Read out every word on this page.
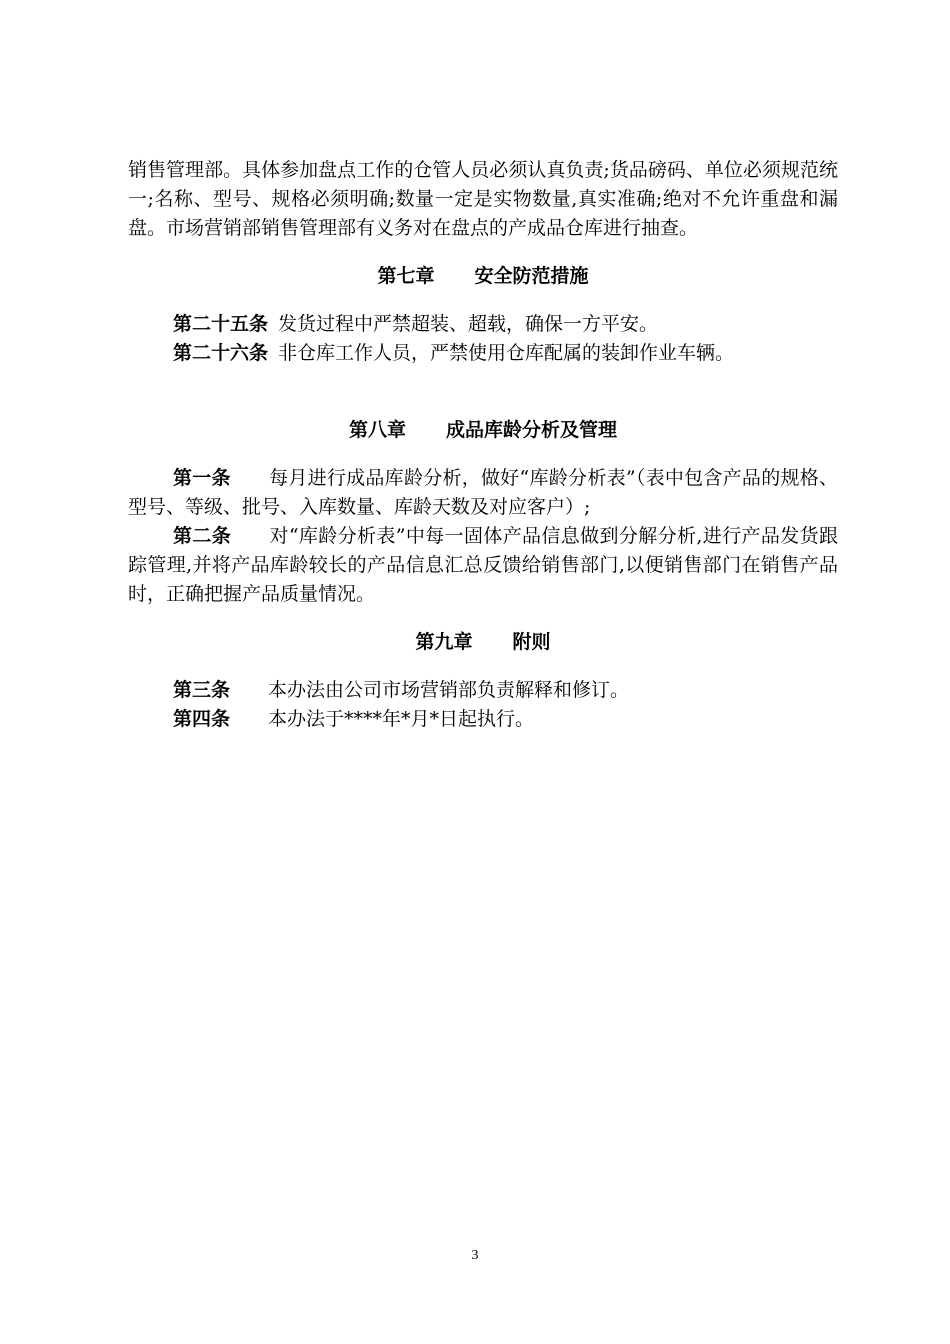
销售管理部。具体参加盘点工作的仓管人员必须认真负责;货品磅码、单位必须规范统一;名称、型号、规格必须明确;数量一定是实物数量,真实准确;绝对不允许重盘和漏盘。市场营销部销售管理部有义务对在盘点的产成品仓库进行抽查。

第七章 安全防范措施

第二十五条 发货过程中严禁超装、超载，确保一方平安。

第二十六条 非仓库工作人员，严禁使用仓库配属的装卸作业车辆。

第八章 成品库龄分析及管理

第一条 每月进行成品库龄分析，做好“库龄分析表”（表中包含产品的规格、型号、等级、批号、入库数量、库龄天数及对应客户）;

第二条 对“库龄分析表”中每一固体产品信息做到分解分析,进行产品发货跟踪管理,并将产品库龄较长的产品信息汇总反馈给销售部门,以便销售部门在销售产品时，正确把握产品质量情况。

第九章 附则

第三条 本办法由公司市场营销部负责解释和修订。

第四条 本办法于****年*月*日起执行。

3
